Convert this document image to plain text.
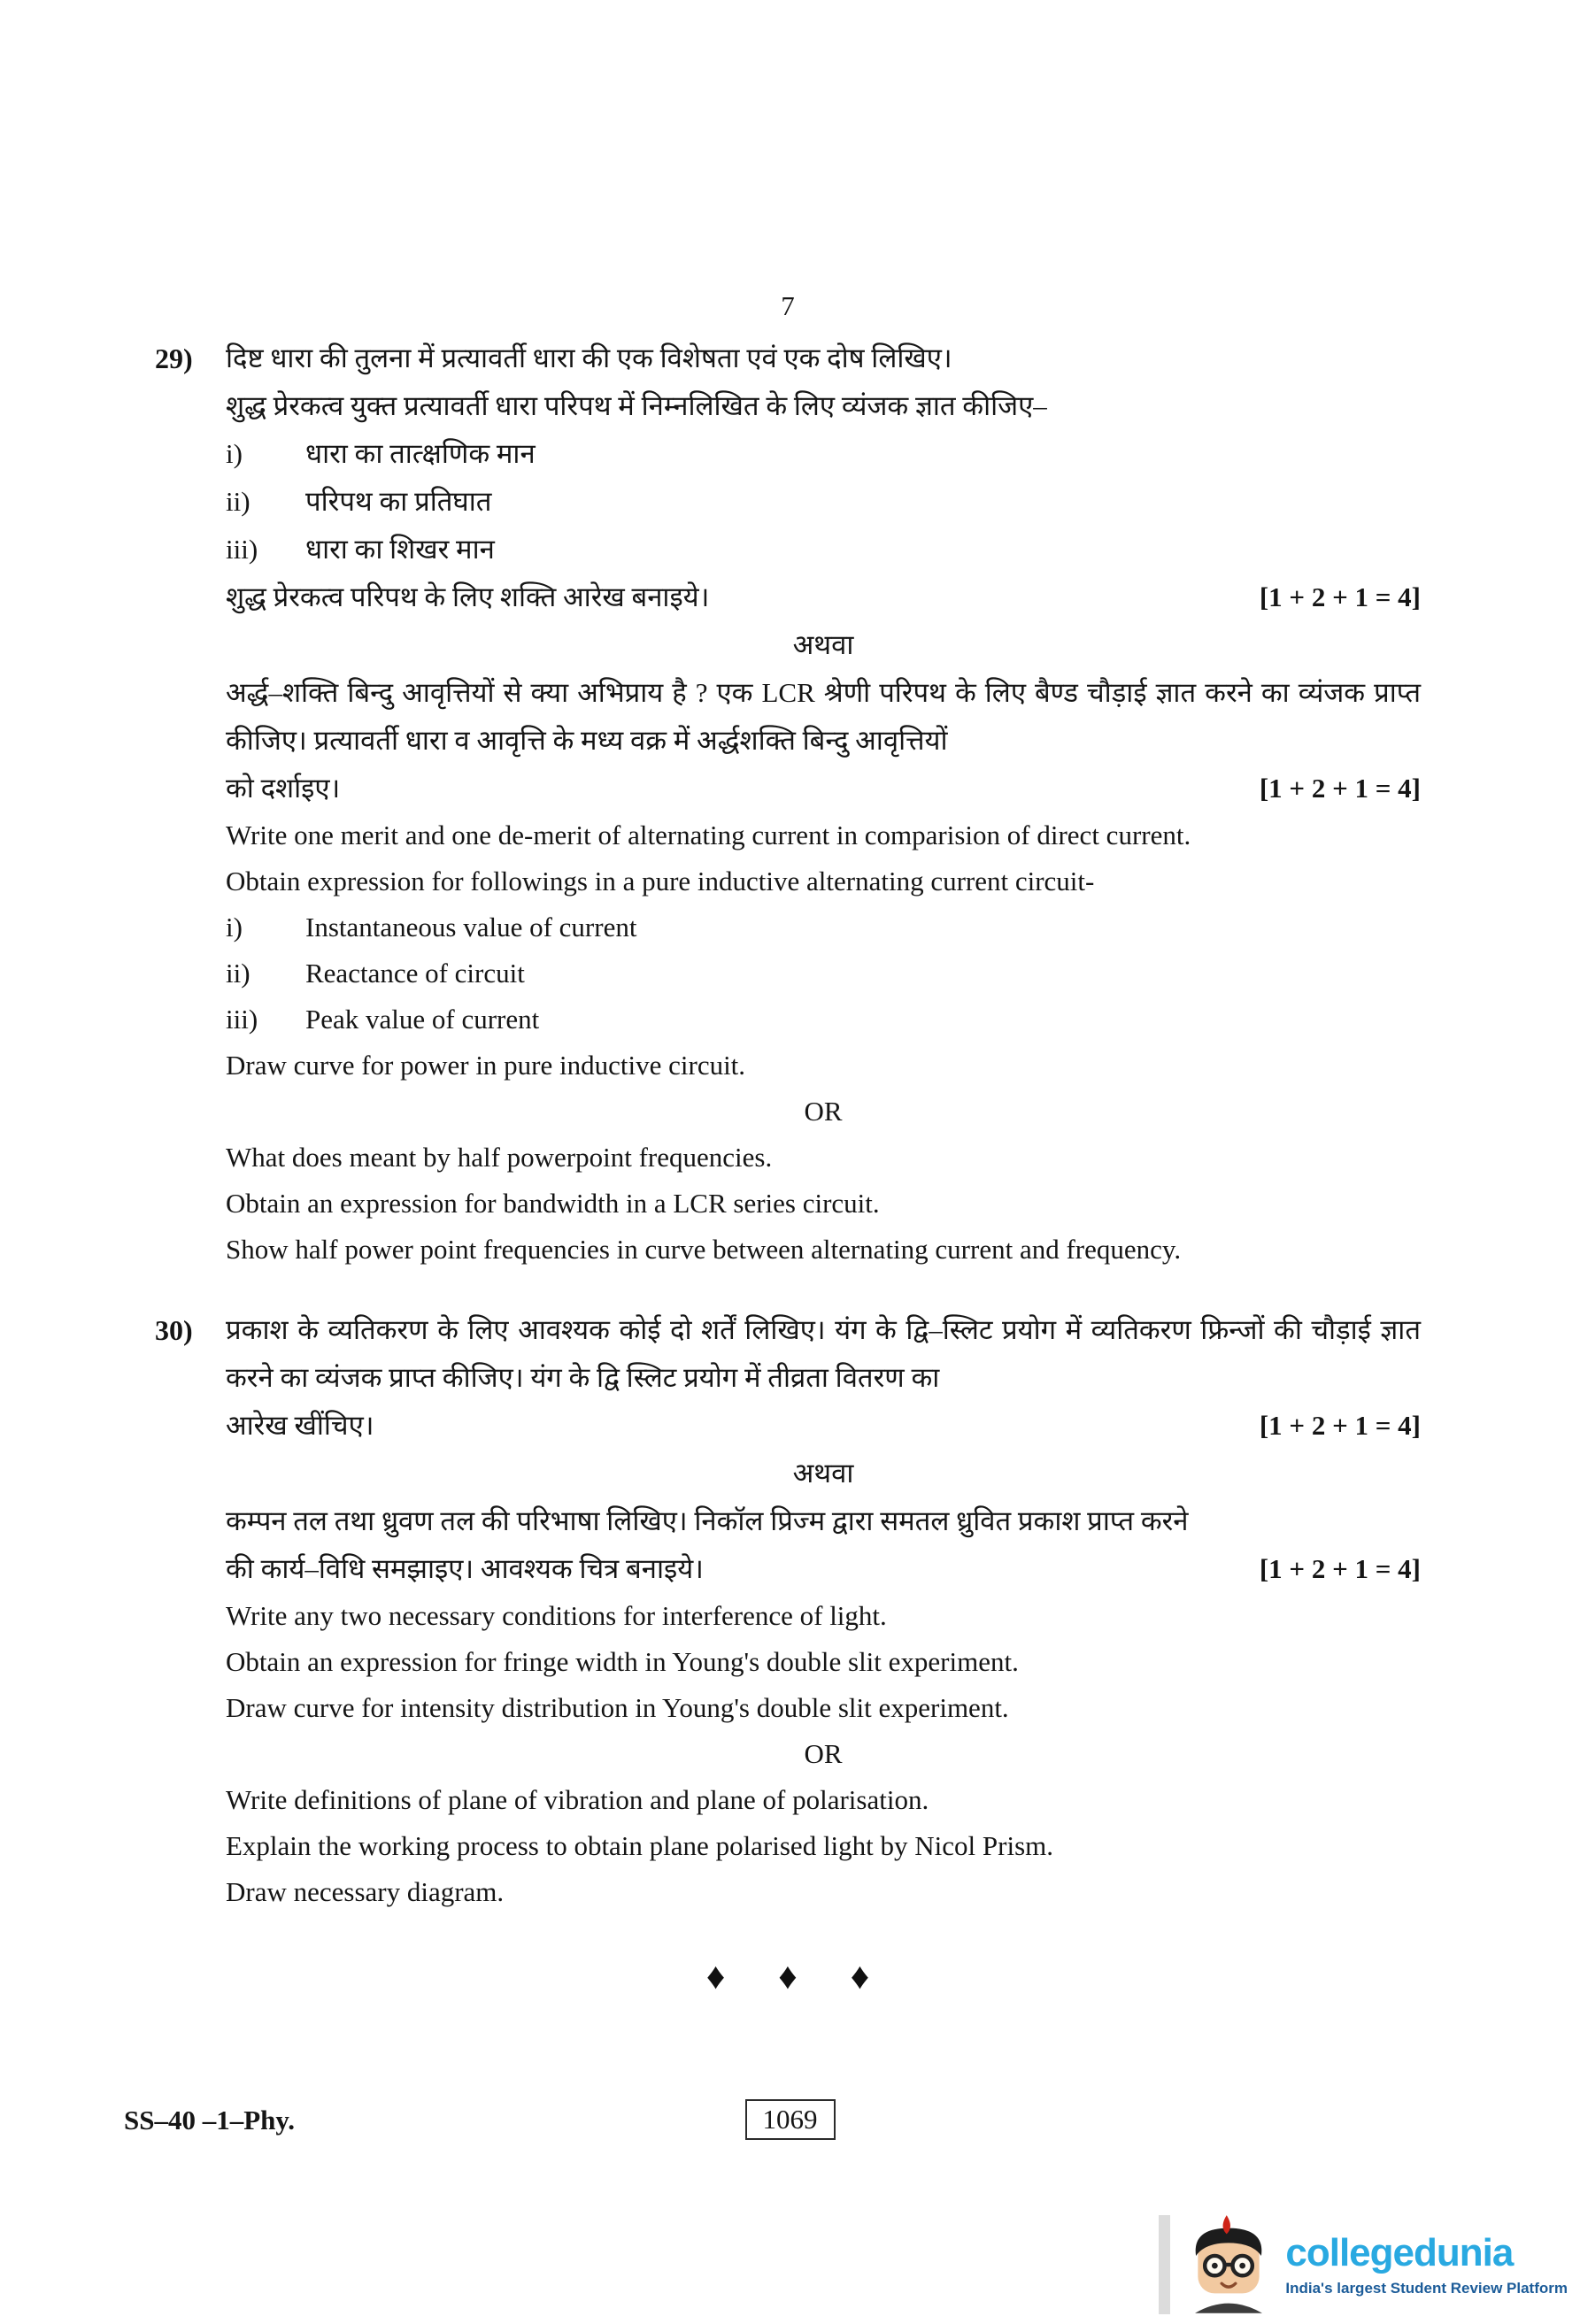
7
29)	दिष्ट धारा की तुलना में प्रत्यावर्ती धारा की एक विशेषता एवं एक दोष लिखिए।
शुद्ध प्रेरकत्व युक्त प्रत्यावर्ती धारा परिपथ में निम्नलिखित के लिए व्यंजक ज्ञात कीजिए–
i)	धारा का तात्क्षणिक मान
ii)	परिपथ का प्रतिघात
iii)	धारा का शिखर मान
शुद्ध प्रेरकत्व परिपथ के लिए शक्ति आरेख बनाइये।	[1 + 2 + 1 = 4]
अथवा
अर्द्ध–शक्ति बिन्दु आवृत्तियों से क्या अभिप्राय है ? एक LCR श्रेणी परिपथ के लिए बैण्ड चौड़ाई ज्ञात करने का व्यंजक प्राप्त कीजिए। प्रत्यावर्ती धारा व आवृत्ति के मध्य वक्र में अर्द्धशक्ति बिन्दु आवृत्तियों
को दर्शाइए।	[1 + 2 + 1 = 4]
Write one merit and one de-merit of alternating current in comparision of direct current.
Obtain expression for followings in a pure inductive alternating current circuit-
i)	Instantaneous value of current
ii)	Reactance of circuit
iii)	Peak value of current
Draw curve for power in pure inductive circuit.
OR
What does meant by half powerpoint frequencies.
Obtain an expression for bandwidth in a LCR series circuit.
Show half power point frequencies in curve between alternating current and frequency.
30)	प्रकाश के व्यतिकरण के लिए आवश्यक कोई दो शर्तें लिखिए। यंग के द्वि–स्लिट प्रयोग में व्यतिकरण फ्रिन्जों की चौड़ाई ज्ञात करने का व्यंजक प्राप्त कीजिए। यंग के द्वि स्लिट प्रयोग में तीव्रता वितरण का
आरेख खींचिए।	[1 + 2 + 1 = 4]
अथवा
कम्पन तल तथा ध्रुवण तल की परिभाषा लिखिए। निकॉल प्रिज्म द्वारा समतल ध्रुवित प्रकाश प्राप्त करने
की कार्य–विधि समझाइए। आवश्यक चित्र बनाइये।	[1 + 2 + 1 = 4]
Write any two necessary conditions for interference of light.
Obtain an expression for fringe width in Young's double slit experiment.
Draw curve for intensity distribution in Young's double slit experiment.
OR
Write definitions of plane of vibration and plane of polarisation.
Explain the working process to obtain plane polarised light by Nicol Prism.
Draw necessary diagram.
♦ ♦ ♦
SS–40 –1–Phy.	1069
collegedunia
India's largest Student Review Platform
